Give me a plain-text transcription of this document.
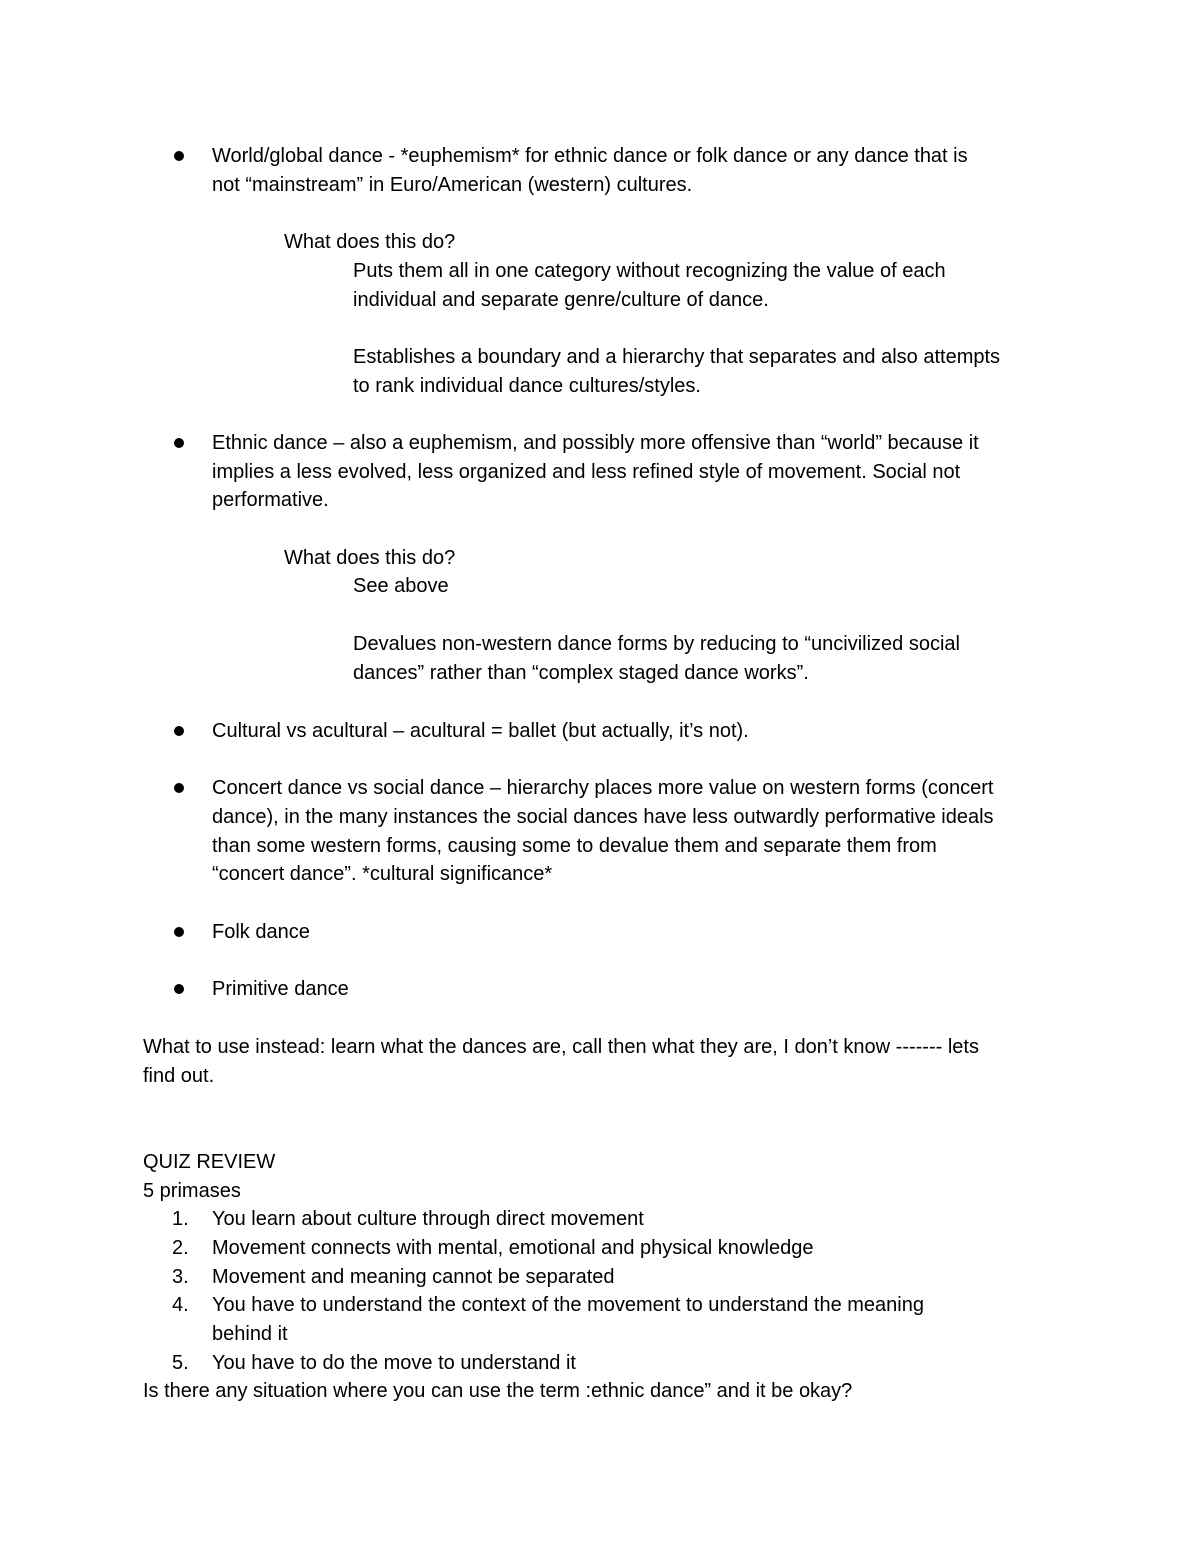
World/global dance - *euphemism* for ethnic dance or folk dance or any dance that is
not “mainstream” in Euro/American (western) cultures.
What does this do?
Puts them all in one category without recognizing the value of each
individual and separate genre/culture of dance.
Establishes a boundary and a hierarchy that separates and also attempts
to rank individual dance cultures/styles.
Ethnic dance – also a euphemism, and possibly more offensive than “world” because it
implies a less evolved, less organized and less refined style of movement. Social not
performative.
What does this do?
See above
Devalues non-western dance forms by reducing to “uncivilized social
dances” rather than “complex staged dance works”.
Cultural vs acultural – acultural = ballet (but actually, it’s not).
Concert dance vs social dance – hierarchy places more value on western forms (concert
dance), in the many instances the social dances have less outwardly performative ideals
than some western forms, causing some to devalue them and separate them from
“concert dance”. *cultural significance*
Folk dance
Primitive dance
What to use instead: learn what the dances are, call then what they are, I don’t know ------- lets
find out.
QUIZ REVIEW
5 primases
1.	You learn about culture through direct movement
2.	Movement connects with mental, emotional and physical knowledge
3.	Movement and meaning cannot be separated
4.	You have to understand the context of the movement to understand the meaning
behind it
5.	You have to do the move to understand it
Is there any situation where you can use the term :ethnic dance” and it be okay?
